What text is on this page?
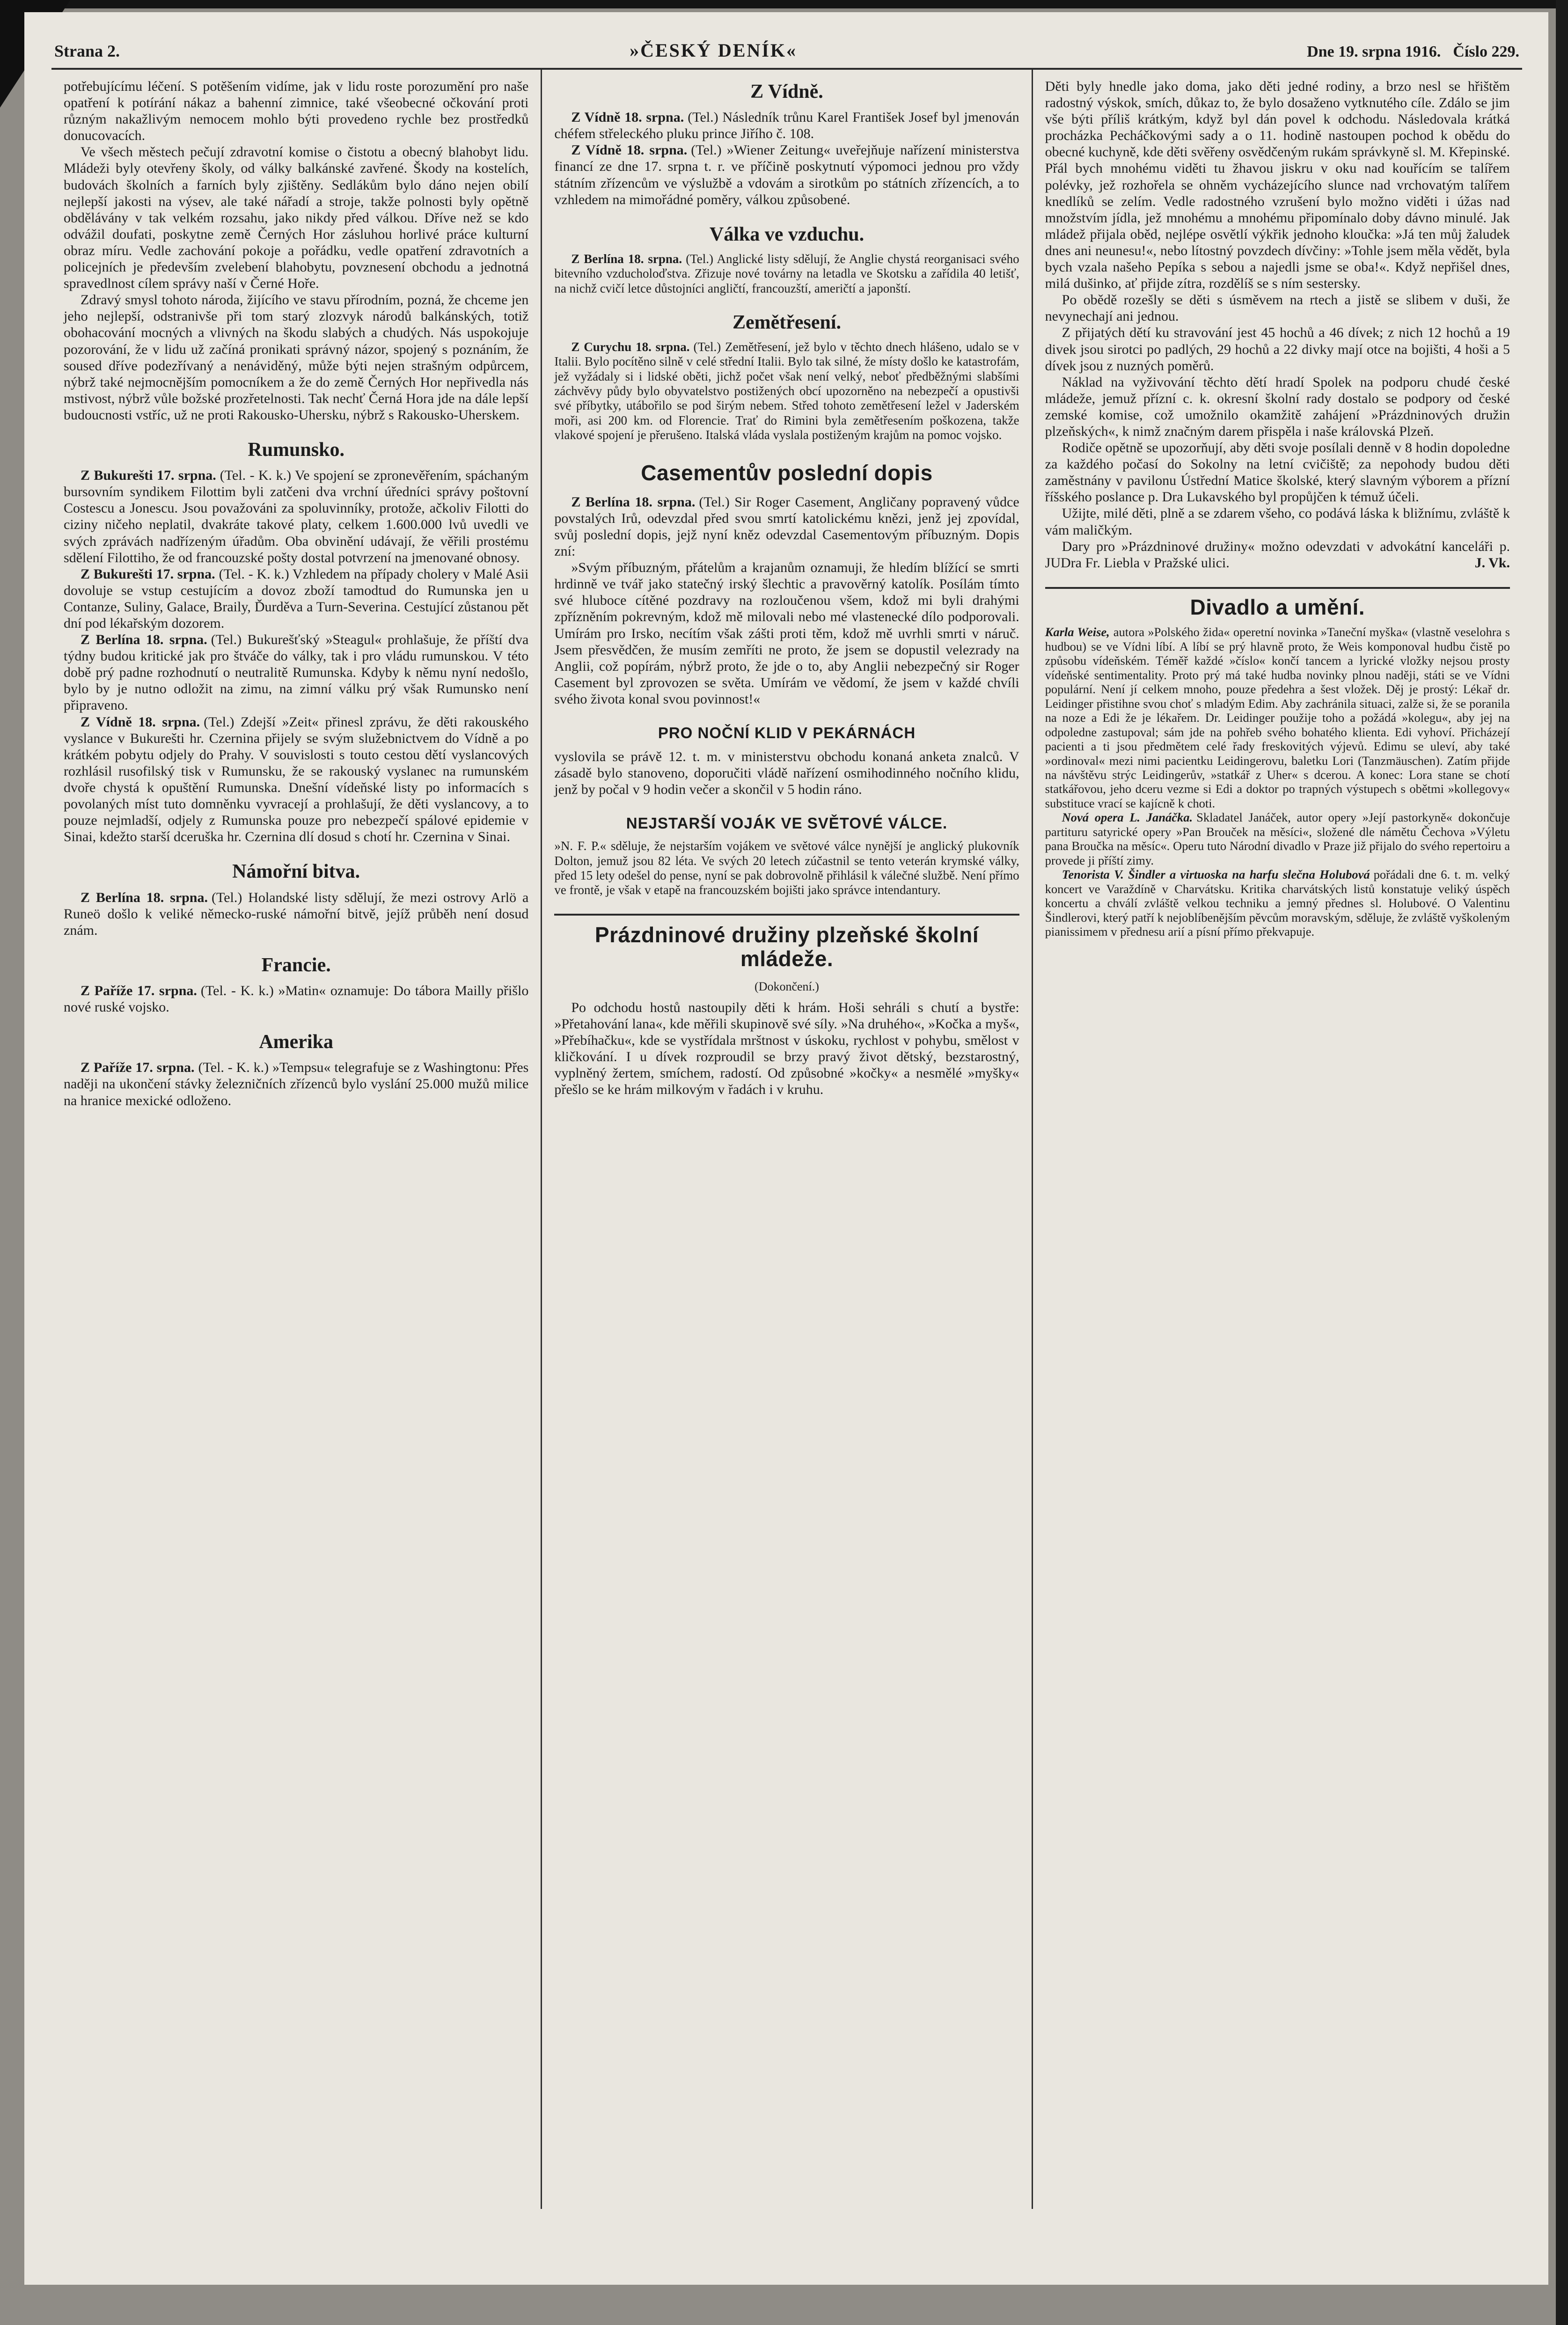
Strana 2.	»ČESKÝ DENÍK«	Dne 19. srpna 1916. Číslo 229.

potřebujícímu léčení. S potěšením vidíme, jak v lidu roste porozumění pro naše opatření k potírání nákaz a bahenní zimnice, také všeobecné očkování proti různým nakažlivým nemocem mohlo býti provedeno rychle bez prostředků donucovacích.

Ve všech městech pečují zdravotní komise o čistotu a obecný blahobyt lidu. Mládeži byly otevřeny školy, od války balkánské zavřené. Škody na kostelích, budovách školních a farních byly zjištěny. Sedlákům bylo dáno nejen obilí nejlepší jakosti na výsev, ale také nářadí a stroje, takže polnosti byly opětně obdělávány v tak velkém rozsahu, jako nikdy před válkou. Dříve než se kdo odvážil doufati, poskytne země Černých Hor zásluhou horlivé práce kulturní obraz míru. Vedle zachování pokoje a pořádku, vedle opatření zdravotních a policejních je především zvelebení blahobytu, povznesení obchodu a jednotná spravedlnost cílem správy naší v Černé Hoře.

Zdravý smysl tohoto národa, žijícího ve stavu přírodním, pozná, že chceme jen jeho nejlepší, odstranivše při tom starý zlozvyk národů balkánských, totiž obohacování mocných a vlivných na škodu slabých a chudých. Nás uspokojuje pozorování, že v lidu už začíná pronikati správný názor, spojený s poznáním, že soused dříve podezřívaný a nenáviděný, může býti nejen strašným odpůrcem, nýbrž také nejmocnějším pomocníkem a že do země Černých Hor nepřivedla nás mstivost, nýbrž vůle božské prozřetelnosti. Tak nechť Černá Hora jde na dále lepší budoucnosti vstříc, už ne proti Rakousko-Uhersku, nýbrž s Rakousko-Uherskem.

Rumunsko.

Z Bukurešti 17. srpna. (Tel. - K. k.) Ve spojení se zpronevěřením, spáchaným bursovním syndikem Filottim byli zatčeni dva vrchní úředníci správy poštovní Costescu a Jonescu. Jsou považováni za spoluvinníky, protože, ačkoliv Filotti do ciziny ničeho neplatil, dvakráte takové platy, celkem 1.600.000 lvů uvedli ve svých zprávách nadřízeným úřadům. Oba obvinění udávají, že věřili prostému sdělení Filottiho, že od francouzské pošty dostal potvrzení na jmenované obnosy.

Z Bukurešti 17. srpna. (Tel. - K. k.) Vzhledem na případy cholery v Malé Asii dovoluje se vstup cestujícím a dovoz zboží tamodtud do Rumunska jen u Contanze, Suliny, Galace, Braily, Ďurděva a Turn-Severina. Cestující zůstanou pět dní pod lékařským dozorem.

Z Berlína 18. srpna. (Tel.) Bukurešťský »Steagul« prohlašuje, že příští dva týdny budou kritické jak pro štváče do války, tak i pro vládu rumunskou. V této době prý padne rozhodnutí o neutralitě Rumunska. Kdyby k němu nyní nedošlo, bylo by je nutno odložit na zimu, na zimní válku prý však Rumunsko není připraveno.

Z Vídně 18. srpna. (Tel.) Zdejší »Zeit« přinesl zprávu, že děti rakouského vyslance v Bukurešti hr. Czernina přijely se svým služebnictvem do Vídně a po krátkém pobytu odjely do Prahy. V souvislosti s touto cestou dětí vyslancových rozhlásil rusofilský tisk v Rumunsku, že se rakouský vyslanec na rumunském dvoře chystá k opuštění Rumunska. Dnešní vídeňské listy po informacích s povolaných míst tuto domněnku vyvracejí a prohlašují, že děti vyslancovy, a to pouze nejmladší, odjely z Rumunska pouze pro nebezpečí spálové epidemie v Sinai, kdežto starší dceruška hr. Czernina dlí dosud s chotí hr. Czernina v Sinai.

Námořní bitva.

Z Berlína 18. srpna. (Tel.) Holandské listy sdělují, že mezi ostrovy Arlö a Runeö došlo k veliké německo-ruské námořní bitvě, jejíž průběh není dosud znám.

Francie.

Z Paříže 17. srpna. (Tel. - K. k.) »Matin« oznamuje: Do tábora Mailly přišlo nové ruské vojsko.

Amerika

Z Paříže 17. srpna. (Tel. - K. k.) »Tempsu« telegrafuje se z Washingtonu: Přes naději na ukončení stávky železničních zřízenců bylo vyslání 25.000 mužů milice na hranice mexické odloženo.

Z Vídně.

Z Vídně 18. srpna. (Tel.) Následník trůnu Karel František Josef byl jmenován chéfem střeleckého pluku prince Jiřího č. 108.

Z Vídně 18. srpna. (Tel.) »Wiener Zeitung« uveřejňuje nařízení ministerstva financí ze dne 17. srpna t. r. ve příčině poskytnutí výpomoci jednou pro vždy státním zřízencům ve výslužbě a vdovám a sirotkům po státních zřízencích, a to vzhledem na mimořádné poměry, válkou způsobené.

Válka ve vzduchu.

Z Berlína 18. srpna. (Tel.) Anglické listy sdělují, že Anglie chystá reorganisaci svého bitevního vzducholoďstva. Zřizuje nové továrny na letadla ve Skotsku a zařídila 40 letišť, na nichž cvičí letce důstojníci angličtí, francouzští, američtí a japonští.

Zemětřesení.

Z Curychu 18. srpna. (Tel.) Zemětřesení, jež bylo v těchto dnech hlášeno, udalo se v Italii. Bylo pocítěno silně v celé střední Italii. Bylo tak silné, že místy došlo ke katastrofám, jež vyžádaly si i lidské oběti, jichž počet však není velký, neboť předběžnými slabšími záchvěvy půdy bylo obyvatelstvo postižených obcí upozorněno na nebezpečí a opustivši své příbytky, utábořilo se pod širým nebem. Střed tohoto zemětřesení ležel v Jaderském moři, asi 200 km. od Florencie. Trať do Rimini byla zemětřesením poškozena, takže vlakové spojení je přerušeno. Italská vláda vyslala postiženým krajům na pomoc vojsko.

Casementův poslední dopis

Z Berlína 18. srpna. (Tel.) Sir Roger Casement, Angličany popravený vůdce povstalých Irů, odevzdal před svou smrtí katolickému knězi, jenž jej zpovídal, svůj poslední dopis, jejž nyní kněz odevzdal Casementovým příbuzným. Dopis zní:

»Svým příbuzným, přátelům a krajanům oznamuji, že hledím blížící se smrti hrdinně ve tvář jako statečný irský šlechtic a pravověrný katolík. Posílám tímto své hluboce cítěné pozdravy na rozloučenou všem, kdož mi byli drahými zpřízněním pokrevným, kdož mě milovali nebo mé vlastenecké dílo podporovali. Umírám pro Irsko, necítím však zášti proti těm, kdož mě uvrhli smrti v náruč. Jsem přesvědčen, že musím zemříti ne proto, že jsem se dopustil velezrady na Anglii, což popírám, nýbrž proto, že jde o to, aby Anglii nebezpečný sir Roger Casement byl zprovozen se světa. Umírám ve vědomí, že jsem v každé chvíli svého života konal svou povinnost!«

PRO NOČNÍ KLID V PEKÁRNÁCH

vyslovila se právě 12. t. m. v ministerstvu obchodu konaná anketa znalců. V zásadě bylo stanoveno, doporučiti vládě nařízení osmihodinného nočního klidu, jenž by počal v 9 hodin večer a skončil v 5 hodin ráno.

NEJSTARŠÍ VOJÁK VE SVĚTOVÉ VÁLCE.

»N. F. P.« sděluje, že nejstarším vojákem ve světové válce nynější je anglický plukovník Dolton, jemuž jsou 82 léta. Ve svých 20 letech zúčastnil se tento veterán krymské války, před 15 lety odešel do pense, nyní se pak dobrovolně přihlásil k válečné službě. Není přímo ve frontě, je však v etapě na francouzském bojišti jako správce intendantury.

Prázdninové družiny plzeňské školní mládeže.
(Dokončení.)

Po odchodu hostů nastoupily děti k hrám. Hoši sehráli s chutí a bystře: »Přetahování lana«, kde měřili skupinově své síly. »Na druhého«, »Kočka a myš«, »Přebíhačku«, kde se vystřídala mrštnost v úskoku, rychlost v pohybu, smělost v kličkování. I u dívek rozproudil se brzy pravý život dětský, bezstarostný, vyplněný žertem, smíchem, radostí. Od způsobné »kočky« a nesmělé »myšky« přešlo se ke hrám milkovým v řadách i v kruhu.

Děti byly hnedle jako doma, jako děti jedné rodiny, a brzo nesl se hřištěm radostný výskok, smích, důkaz to, že bylo dosaženo vytknutého cíle. Zdálo se jim vše býti příliš krátkým, když byl dán povel k odchodu. Následovala krátká procházka Pecháčkovými sady a o 11. hodině nastoupen pochod k obědu do obecné kuchyně, kde děti svěřeny osvědčeným rukám správkyně sl. M. Křepinské. Přál bych mnohému viděti tu žhavou jiskru v oku nad kouřícím se talířem polévky, jež rozhořela se ohněm vycházejícího slunce nad vrchovatým talířem knedlíků se zelím. Vedle radostného vzrušení bylo možno viděti i úžas nad množstvím jídla, jež mnohému a mnohému připomínalo doby dávno minulé. Jak mládež přijala oběd, nejlépe osvětlí výkřik jednoho kloučka: »Já ten můj žaludek dnes ani neunesu!«, nebo lítostný povzdech dívčiny: »Tohle jsem měla vědět, byla bych vzala našeho Pepíka s sebou a najedli jsme se oba!«. Když nepřišel dnes, milá dušinko, ať přijde zítra, rozdělíš se s ním sestersky.

Po obědě rozešly se děti s úsměvem na rtech a jistě se slibem v duši, že nevynechají ani jednou.

Z přijatých dětí ku stravování jest 45 hochů a 46 dívek; z nich 12 hochů a 19 divek jsou sirotci po padlých, 29 hochů a 22 divky mají otce na bojišti, 4 hoši a 5 dívek jsou z nuzných poměrů.

Náklad na vyživování těchto dětí hradí Spolek na podporu chudé české mládeže, jemuž přízní c. k. okresní školní rady dostalo se podpory od české zemské komise, což umožnilo okamžitě zahájení »Prázdninových družin plzeňských«, k nimž značným darem přispěla i naše královská Plzeň.

Rodiče opětně se upozorňují, aby děti svoje posílali denně v 8 hodin dopoledne za každého počasí do Sokolny na letní cvičiště; za nepohody budou děti zaměstnány v pavilonu Ústřední Matice školské, který slavným výborem a přízní říšského poslance p. Dra Lukavského byl propůjčen k témuž účeli.

Užijte, milé děti, plně a se zdarem všeho, co podává láska k bližnímu, zvláště k vám maličkým.

Dary pro »Prázdninové družiny« možno odevzdati v advokátní kanceláři p. JUDra Fr. Liebla v Pražské ulici.	J. Vk.

Divadlo a umění.

Karla Weise, autora »Polského žida« operetní novinka »Taneční myška« (vlastně veselohra s hudbou) se ve Vídni líbí. A líbí se prý hlavně proto, že Weis komponoval hudbu čistě po způsobu vídeňském. Téměř každé »číslo« končí tancem a lyrické vložky nejsou prosty vídeňské sentimentality. Proto prý má také hudba novinky plnou naději, státi se ve Vídni populární. Není jí celkem mnoho, pouze předehra a šest vložek. Děj je prostý: Lékař dr. Leidinger přistihne svou choť s mladým Edim. Aby zachránila situaci, zalže si, že se poranila na noze a Edi že je lékařem. Dr. Leidinger použije toho a požádá »kolegu«, aby jej na odpoledne zastupoval; sám jde na pohřeb svého bohatého klienta. Edi vyhoví. Přicházejí pacienti a ti jsou předmětem celé řady freskovitých výjevů. Edimu se uleví, aby také »ordinoval« mezi nimi pacientku Leidingerovu, baletku Lori (Tanzmäuschen). Zatím přijde na návštěvu strýc Leidingerův, »statkář z Uher« s dcerou. A konec: Lora stane se chotí statkářovou, jeho dceru vezme si Edi a doktor po trapných výstupech s obětmi »kollegovy« substituce vrací se kajícně k choti.

Nová opera L. Janáčka. Skladatel Janáček, autor opery »Její pastorkyně« dokončuje partituru satyrické opery »Pan Brouček na měsíci«, složené dle námětu Čechova »Výletu pana Broučka na měsíc«. Operu tuto Národní divadlo v Praze již přijalo do svého repertoiru a provede ji příští zimy.

Tenorista V. Šindler a virtuoska na harfu slečna Holubová pořádali dne 6. t. m. velký koncert ve Varaždíně v Charvátsku. Kritika charvátských listů konstatuje veliký úspěch koncertu a chválí zvláště velkou techniku a jemný přednes sl. Holubové. O Valentinu Šindlerovi, který patří k nejoblíbenějším pěvcům moravským, sděluje, že zvláště vyškoleným pianissimem v přednesu arií a písní přímo překvapuje.
